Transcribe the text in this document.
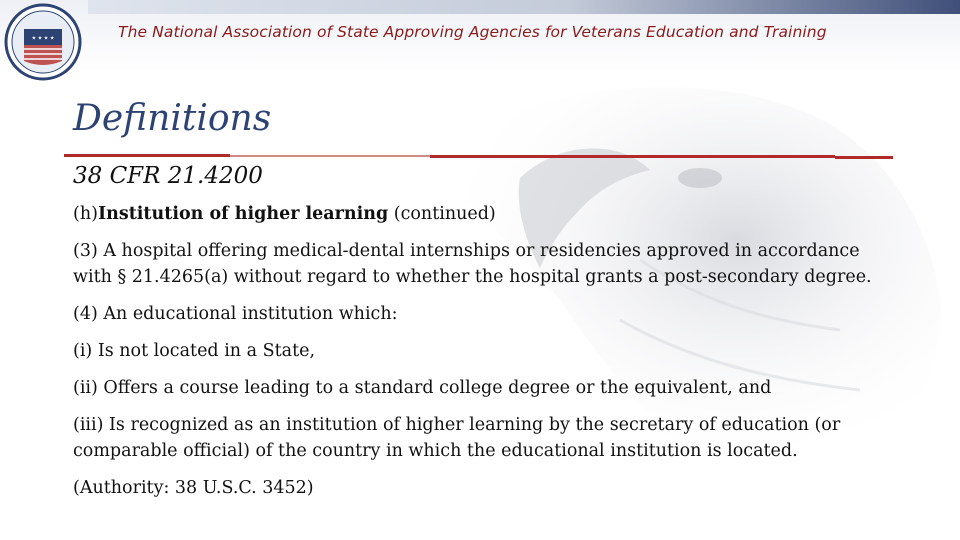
The National Association of State Approving Agencies for Veterans Education and Training
★ ★ ★ ★
Definitions
38 CFR 21.4200

(h)Institution of higher learning (continued)

(3) A hospital offering medical-dental internships or residencies approved in accordance with § 21.4265(a) without regard to whether the hospital grants a post-secondary degree.

(4) An educational institution which:

(i) Is not located in a State,

(ii) Offers a course leading to a standard college degree or the equivalent, and

(iii) Is recognized as an institution of higher learning by the secretary of education (or comparable official) of the country in which the educational institution is located.

(Authority: 38 U.S.C. 3452)
